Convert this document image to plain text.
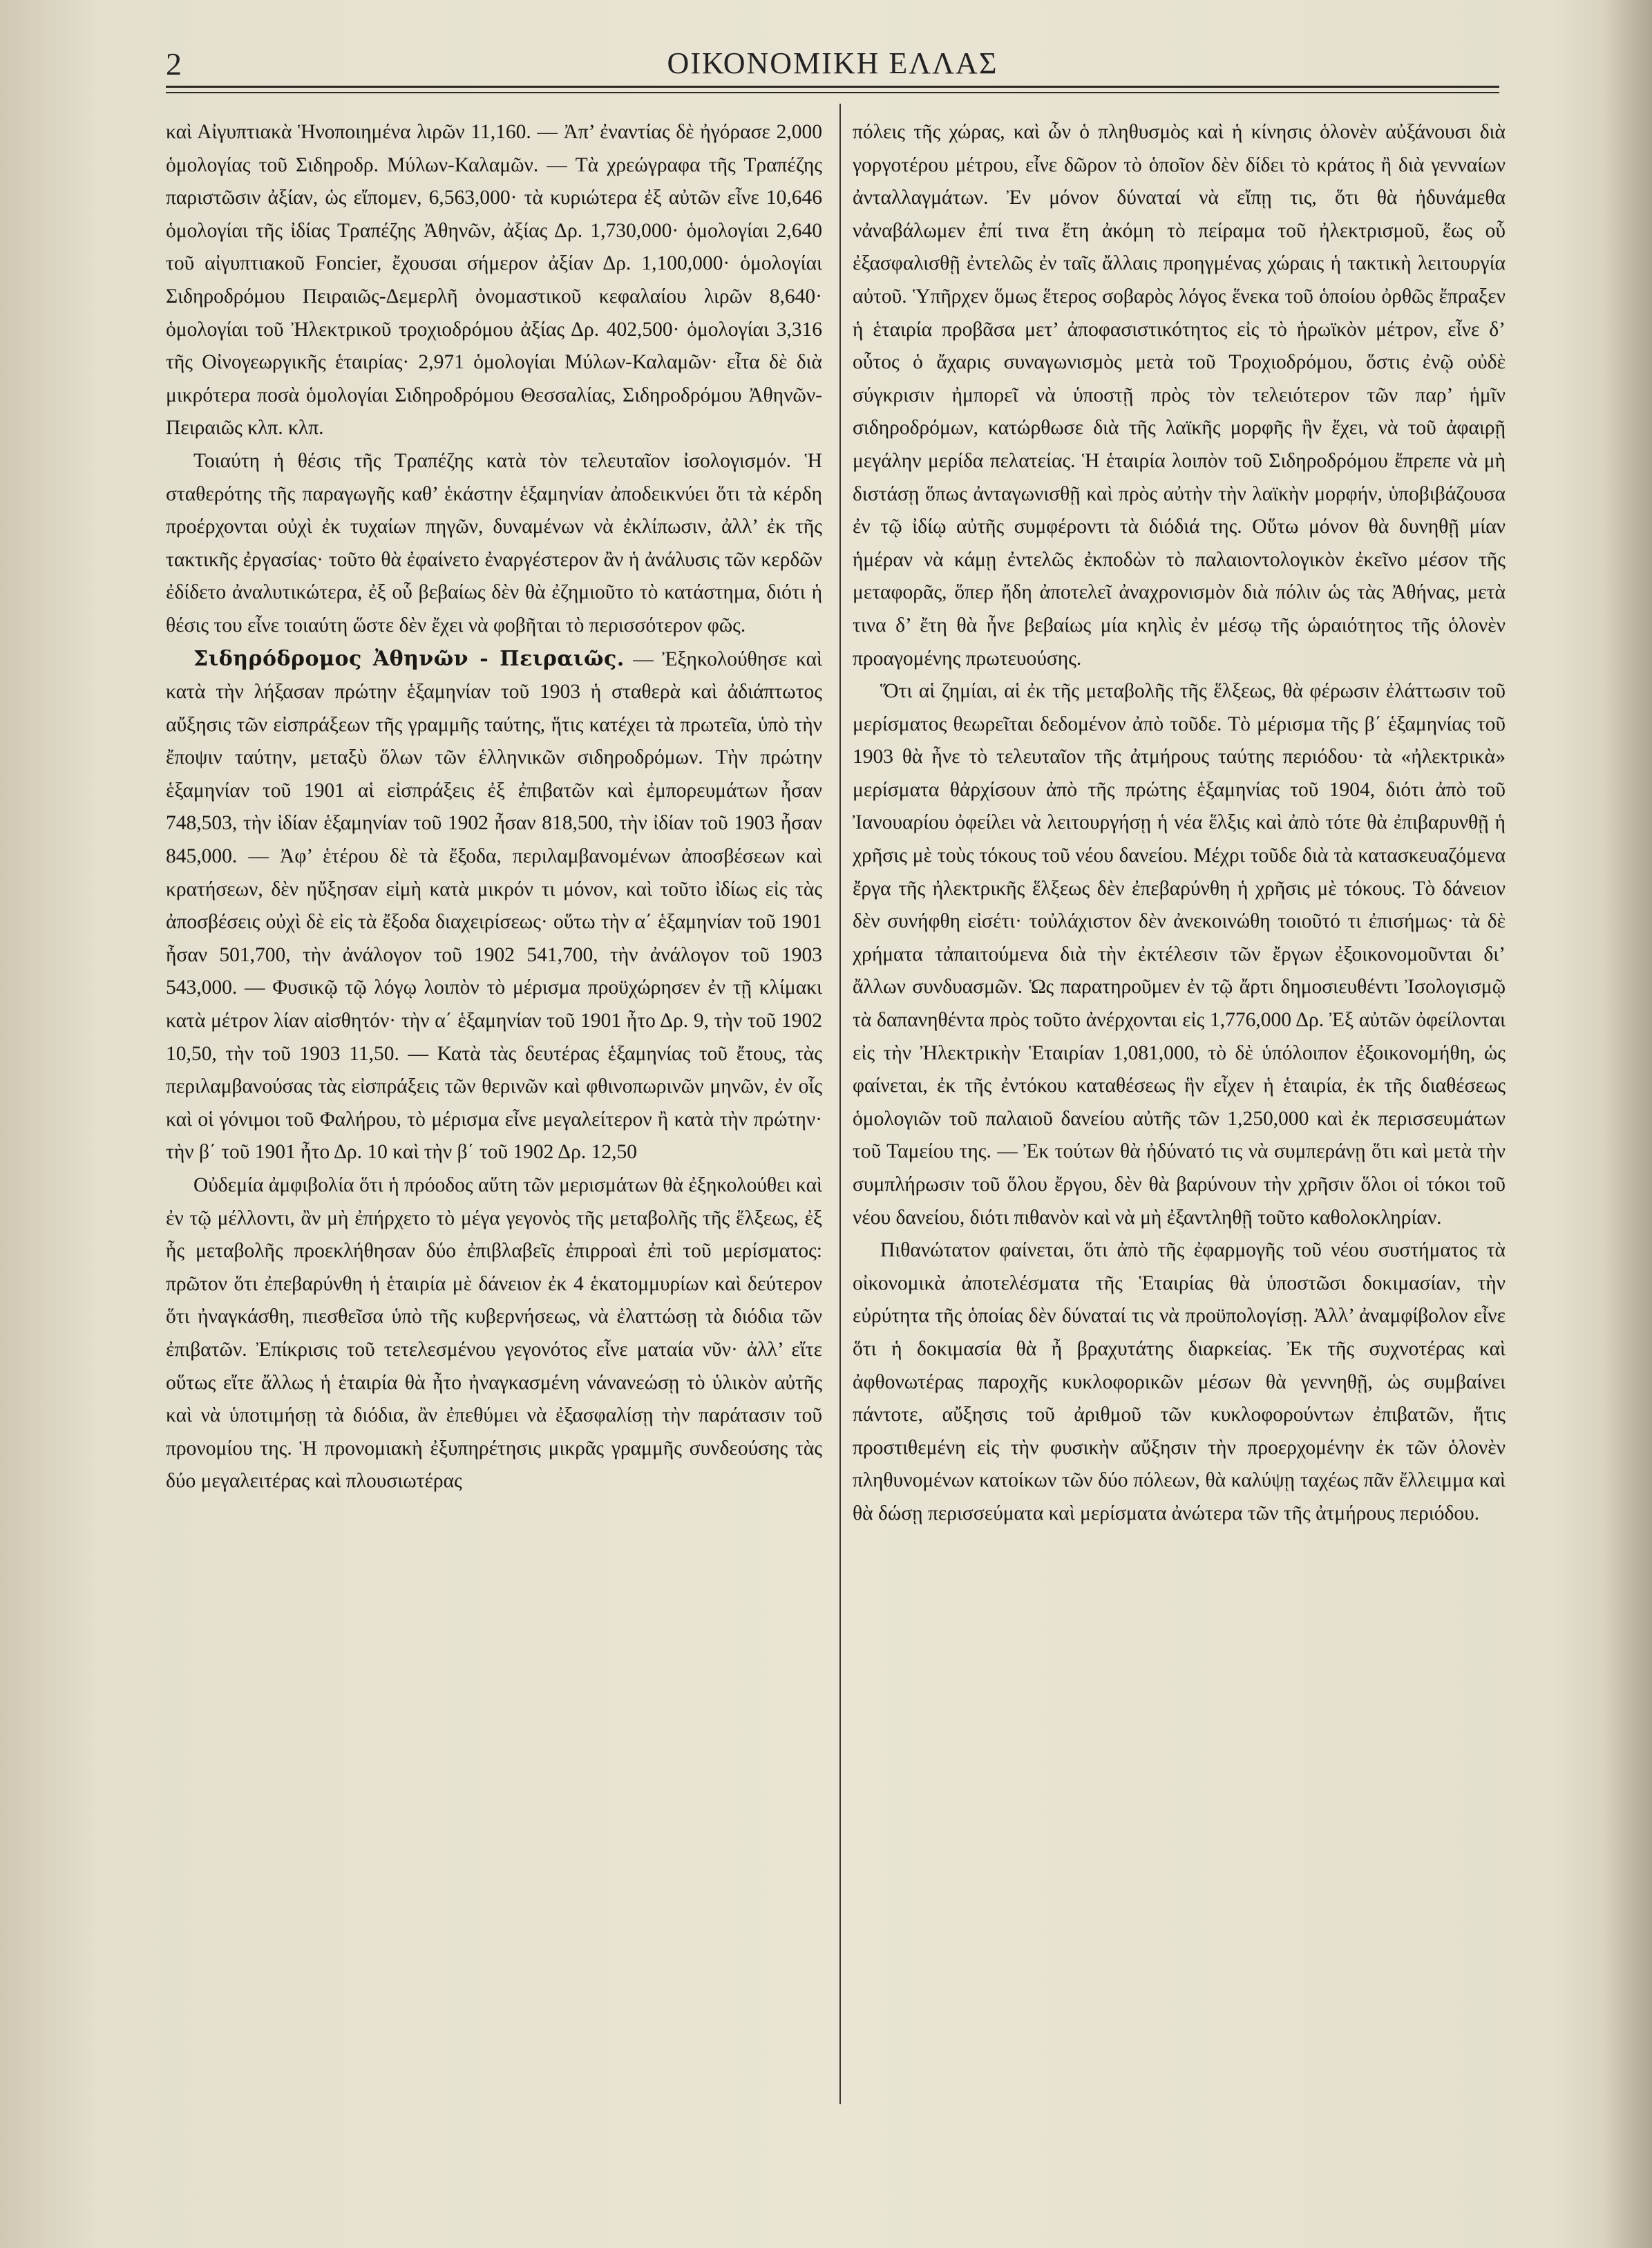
2	ΟΙΚΟΝΟΜΙΚΗ ΕΛΛΑΣ

καὶ Αἰγυπτιακὰ Ἡνοποιημένα λιρῶν 11,160. — Ἀπ’ ἐναντίας δὲ ἠγόρασε 2,000 ὁμολογίας τοῦ Σιδηροδρ. Μύλων-Καλαμῶν. — Τὰ χρεώγραφα τῆς Τραπέζης παριστῶσιν ἀξίαν, ὡς εἴπομεν, 6,563,000· τὰ κυριώτερα ἐξ αὐτῶν εἶνε 10,646 ὁμολογίαι τῆς ἰδίας Τραπέζης Ἀθηνῶν, ἀξίας Δρ. 1,730,000· ὁμολογίαι 2,640 τοῦ αἰγυπτιακοῦ Foncier, ἔχουσαι σήμερον ἀξίαν Δρ. 1,100,000· ὁμολογίαι Σιδηροδρόμου Πειραιῶς-Δεμερλῆ ὀνομαστικοῦ κεφαλαίου λιρῶν 8,640· ὁμολογίαι τοῦ Ἠλεκτρικοῦ τροχιοδρόμου ἀξίας Δρ. 402,500· ὁμολογίαι 3,316 τῆς Οἰνογεωργικῆς ἑταιρίας· 2,971 ὁμολογίαι Μύλων-Καλαμῶν· εἶτα δὲ διὰ μικρότερα ποσὰ ὁμολογίαι Σιδηροδρόμου Θεσσαλίας, Σιδηροδρόμου Ἀθηνῶν-Πειραιῶς κλπ. κλπ.

Τοιαύτη ἡ θέσις τῆς Τραπέζης κατὰ τὸν τελευταῖον ἰσολογισμόν. Ἡ σταθερότης τῆς παραγωγῆς καθ’ ἑκάστην ἑξαμηνίαν ἀποδεικνύει ὅτι τὰ κέρδη προέρχονται οὐχὶ ἐκ τυχαίων πηγῶν, δυναμένων νὰ ἐκλίπωσιν, ἀλλ’ ἐκ τῆς τακτικῆς ἐργασίας· τοῦτο θὰ ἐφαίνετο ἐναργέστερον ἂν ἡ ἀνάλυσις τῶν κερδῶν ἐδίδετο ἀναλυτικώτερα, ἐξ οὗ βεβαίως δὲν θὰ ἐζημιοῦτο τὸ κατάστημα, διότι ἡ θέσις του εἶνε τοιαύτη ὥστε δὲν ἔχει νὰ φοβῆται τὸ περισσότερον φῶς.

Σιδηρόδρομος Ἀθηνῶν - Πειραιῶς. — Ἐξηκολούθησε καὶ κατὰ τὴν λήξασαν πρώτην ἑξαμηνίαν τοῦ 1903 ἡ σταθερὰ καὶ ἀδιάπτωτος αὔξησις τῶν εἰσπράξεων τῆς γραμμῆς ταύτης, ἥτις κατέχει τὰ πρωτεῖα, ὑπὸ τὴν ἔποψιν ταύτην, μεταξὺ ὅλων τῶν ἑλληνικῶν σιδηροδρόμων. Τὴν πρώτην ἑξαμηνίαν τοῦ 1901 αἱ εἰσπράξεις ἐξ ἐπιβατῶν καὶ ἐμπορευμάτων ἦσαν 748,503, τὴν ἰδίαν ἑξαμηνίαν τοῦ 1902 ἦσαν 818,500, τὴν ἰδίαν τοῦ 1903 ἦσαν 845,000. — Ἀφ’ ἑτέρου δὲ τὰ ἔξοδα, περιλαμβανομένων ἀποσβέσεων καὶ κρατήσεων, δὲν ηὔξησαν εἰμὴ κατὰ μικρόν τι μόνον, καὶ τοῦτο ἰδίως εἰς τὰς ἀποσβέσεις οὐχὶ δὲ εἰς τὰ ἔξοδα διαχειρίσεως· οὕτω τὴν α΄ ἑξαμηνίαν τοῦ 1901 ἦσαν 501,700, τὴν ἀνάλογον τοῦ 1902 541,700, τὴν ἀνάλογον τοῦ 1903 543,000. — Φυσικῷ τῷ λόγῳ λοιπὸν τὸ μέρισμα προϋχώρησεν ἐν τῇ κλίμακι κατὰ μέτρον λίαν αἰσθητόν· τὴν α΄ ἑξαμηνίαν τοῦ 1901 ἦτο Δρ. 9, τὴν τοῦ 1902 10,50, τὴν τοῦ 1903 11,50. — Κατὰ τὰς δευτέρας ἑξαμηνίας τοῦ ἔτους, τὰς περιλαμβανούσας τὰς εἰσπράξεις τῶν θερινῶν καὶ φθινοπωρινῶν μηνῶν, ἐν οἷς καὶ οἱ γόνιμοι τοῦ Φαλήρου, τὸ μέρισμα εἶνε μεγαλείτερον ἢ κατὰ τὴν πρώτην· τὴν β΄ τοῦ 1901 ἦτο Δρ. 10 καὶ τὴν β΄ τοῦ 1902 Δρ. 12,50

Οὐδεμία ἀμφιβολία ὅτι ἡ πρόοδος αὕτη τῶν μερισμάτων θὰ ἐξηκολούθει καὶ ἐν τῷ μέλλοντι, ἂν μὴ ἐπήρχετο τὸ μέγα γεγονὸς τῆς μεταβολῆς τῆς ἕλξεως, ἐξ ἧς μεταβολῆς προεκλήθησαν δύο ἐπιβλαβεῖς ἐπιρροαὶ ἐπὶ τοῦ μερίσματος: πρῶτον ὅτι ἐπεβαρύνθη ἡ ἑταιρία μὲ δάνειον ἐκ 4 ἑκατομμυρίων καὶ δεύτερον ὅτι ἠναγκάσθη, πιεσθεῖσα ὑπὸ τῆς κυβερνήσεως, νὰ ἐλαττώσῃ τὰ διόδια τῶν ἐπιβατῶν. Ἐπίκρισις τοῦ τετελεσμένου γεγονότος εἶνε ματαία νῦν· ἀλλ’ εἴτε οὕτως εἴτε ἄλλως ἡ ἑταιρία θὰ ἦτο ἠναγκασμένη νάνανεώσῃ τὸ ὑλικὸν αὐτῆς καὶ νὰ ὑποτιμήσῃ τὰ διόδια, ἂν ἐπεθύμει νὰ ἐξασφαλίσῃ τὴν παράτασιν τοῦ προνομίου της. Ἡ προνομιακὴ ἐξυπηρέτησις μικρᾶς γραμμῆς συνδεούσης τὰς δύο μεγαλειτέρας καὶ πλουσιωτέρας

πόλεις τῆς χώρας, καὶ ὧν ὁ πληθυσμὸς καὶ ἡ κίνησις ὁλονὲν αὐξάνουσι διὰ γοργοτέρου μέτρου, εἶνε δῶρον τὸ ὁποῖον δὲν δίδει τὸ κράτος ἢ διὰ γενναίων ἀνταλλαγμάτων. Ἐν μόνον δύναταί νὰ εἴπῃ τις, ὅτι θὰ ἠδυνάμεθα νἀναβάλωμεν ἐπί τινα ἔτη ἀκόμη τὸ πείραμα τοῦ ἠλεκτρισμοῦ, ἕως οὗ ἐξασφαλισθῇ ἐντελῶς ἐν ταῖς ἄλλαις προηγμένας χώραις ἡ τακτικὴ λειτουργία αὐτοῦ. Ὑπῆρχεν ὅμως ἕτερος σοβαρὸς λόγος ἕνεκα τοῦ ὁποίου ὀρθῶς ἔπραξεν ἡ ἑταιρία προβᾶσα μετ’ ἀποφασιστικότητος εἰς τὸ ἡρωϊκὸν μέτρον, εἶνε δ’ οὗτος ὁ ἄχαρις συναγωνισμὸς μετὰ τοῦ Τροχιοδρόμου, ὅστις ἐνῷ οὐδὲ σύγκρισιν ἠμπορεῖ νὰ ὑποστῇ πρὸς τὸν τελειότερον τῶν παρ’ ἡμῖν σιδηροδρόμων, κατώρθωσε διὰ τῆς λαϊκῆς μορφῆς ἣν ἔχει, νὰ τοῦ ἀφαιρῇ μεγάλην μερίδα πελατείας. Ἡ ἑταιρία λοιπὸν τοῦ Σιδηροδρόμου ἔπρεπε νὰ μὴ διστάσῃ ὅπως ἀνταγωνισθῇ καὶ πρὸς αὐτὴν τὴν λαϊκὴν μορφήν, ὑποβιβάζουσα ἐν τῷ ἰδίῳ αὐτῆς συμφέροντι τὰ διόδιά της. Οὕτω μόνον θὰ δυνηθῇ μίαν ἡμέραν νὰ κάμῃ ἐντελῶς ἐκποδὼν τὸ παλαιοντολογικὸν ἐκεῖνο μέσον τῆς μεταφορᾶς, ὅπερ ἤδη ἀποτελεῖ ἀναχρονισμὸν διὰ πόλιν ὡς τὰς Ἀθήνας, μετὰ τινα δ’ ἔτη θὰ ἦνε βεβαίως μία κηλὶς ἐν μέσῳ τῆς ὡραιότητος τῆς ὁλονὲν προαγομένης πρωτευούσης.

Ὅτι αἱ ζημίαι, αἱ ἐκ τῆς μεταβολῆς τῆς ἕλξεως, θὰ φέρωσιν ἐλάττωσιν τοῦ μερίσματος θεωρεῖται δεδομένον ἀπὸ τοῦδε. Τὸ μέρισμα τῆς β΄ ἑξαμηνίας τοῦ 1903 θὰ ἦνε τὸ τελευταῖον τῆς ἀτμήρους ταύτης περιόδου· τὰ «ἠλεκτρικὰ» μερίσματα θἀρχίσουν ἀπὸ τῆς πρώτης ἑξαμηνίας τοῦ 1904, διότι ἀπὸ τοῦ Ἰανουαρίου ὀφείλει νὰ λειτουργήσῃ ἡ νέα ἕλξις καὶ ἀπὸ τότε θὰ ἐπιβαρυνθῇ ἡ χρῆσις μὲ τοὺς τόκους τοῦ νέου δανείου. Μέχρι τοῦδε διὰ τὰ κατασκευαζόμενα ἔργα τῆς ἠλεκτρικῆς ἕλξεως δὲν ἐπεβαρύνθη ἡ χρῆσις μὲ τόκους. Τὸ δάνειον δὲν συνήφθη εἰσέτι· τοὐλάχιστον δὲν ἀνεκοινώθη τοιοῦτό τι ἐπισήμως· τὰ δὲ χρήματα τἀπαιτούμενα διὰ τὴν ἐκτέλεσιν τῶν ἔργων ἐξοικονομοῦνται δι’ ἄλλων συνδυασμῶν. Ὡς παρατηροῦμεν ἐν τῷ ἄρτι δημοσιευθέντι Ἰσολογισμῷ τὰ δαπανηθέντα πρὸς τοῦτο ἀνέρχονται εἰς 1,776,000 Δρ. Ἐξ αὐτῶν ὀφείλονται εἰς τὴν Ἠλεκτρικὴν Ἑταιρίαν 1,081,000, τὸ δὲ ὑπόλοιπον ἐξοικονομήθη, ὡς φαίνεται, ἐκ τῆς ἐντόκου καταθέσεως ἣν εἶχεν ἡ ἑταιρία, ἐκ τῆς διαθέσεως ὁμολογιῶν τοῦ παλαιοῦ δανείου αὐτῆς τῶν 1,250,000 καὶ ἐκ περισσευμάτων τοῦ Ταμείου της. — Ἐκ τούτων θὰ ἠδύνατό τις νὰ συμπεράνῃ ὅτι καὶ μετὰ τὴν συμπλήρωσιν τοῦ ὅλου ἔργου, δὲν θὰ βαρύνουν τὴν χρῆσιν ὅλοι οἱ τόκοι τοῦ νέου δανείου, διότι πιθανὸν καὶ νὰ μὴ ἐξαντληθῇ τοῦτο καθολοκληρίαν.

Πιθανώτατον φαίνεται, ὅτι ἀπὸ τῆς ἐφαρμογῆς τοῦ νέου συστήματος τὰ οἰκονομικὰ ἀποτελέσματα τῆς Ἑταιρίας θὰ ὑποστῶσι δοκιμασίαν, τὴν εὐρύτητα τῆς ὁποίας δὲν δύναταί τις νὰ προϋπολογίσῃ. Ἀλλ’ ἀναμφίβολον εἶνε ὅτι ἡ δοκιμασία θὰ ἦ βραχυτάτης διαρκείας. Ἐκ τῆς συχνοτέρας καὶ ἀφθονωτέρας παροχῆς κυκλοφορικῶν μέσων θὰ γεννηθῇ, ὡς συμβαίνει πάντοτε, αὔξησις τοῦ ἀριθμοῦ τῶν κυκλοφορούντων ἐπιβατῶν, ἥτις προστιθεμένη εἰς τὴν φυσικὴν αὔξησιν τὴν προερχομένην ἐκ τῶν ὁλονὲν πληθυνομένων κατοίκων τῶν δύο πόλεων, θὰ καλύψῃ ταχέως πᾶν ἔλλειμμα καὶ θὰ δώσῃ περισσεύματα καὶ μερίσματα ἀνώτερα τῶν τῆς ἀτμήρους περιόδου.
